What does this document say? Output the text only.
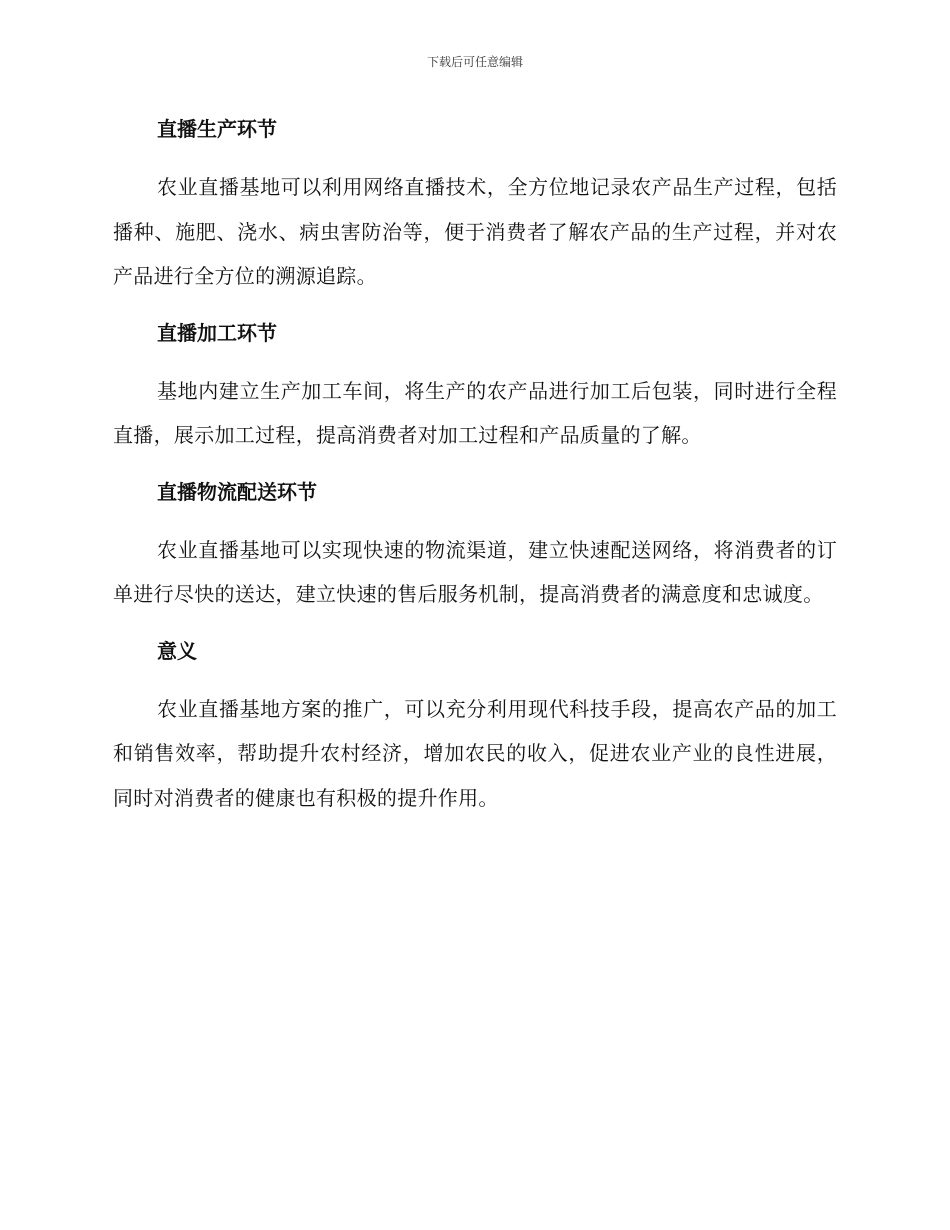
下载后可任意编辑
直播生产环节

农业直播基地可以利用网络直播技术，全方位地记录农产品生产过程，包括播种、施肥、浇水、病虫害防治等，便于消费者了解农产品的生产过程，并对农产品进行全方位的溯源追踪。

直播加工环节

基地内建立生产加工车间，将生产的农产品进行加工后包装，同时进行全程直播，展示加工过程，提高消费者对加工过程和产品质量的了解。

直播物流配送环节

农业直播基地可以实现快速的物流渠道，建立快速配送网络，将消费者的订单进行尽快的送达，建立快速的售后服务机制，提高消费者的满意度和忠诚度。

意义

农业直播基地方案的推广，可以充分利用现代科技手段，提高农产品的加工和销售效率，帮助提升农村经济，增加农民的收入，促进农业产业的良性进展，同时对消费者的健康也有积极的提升作用。
